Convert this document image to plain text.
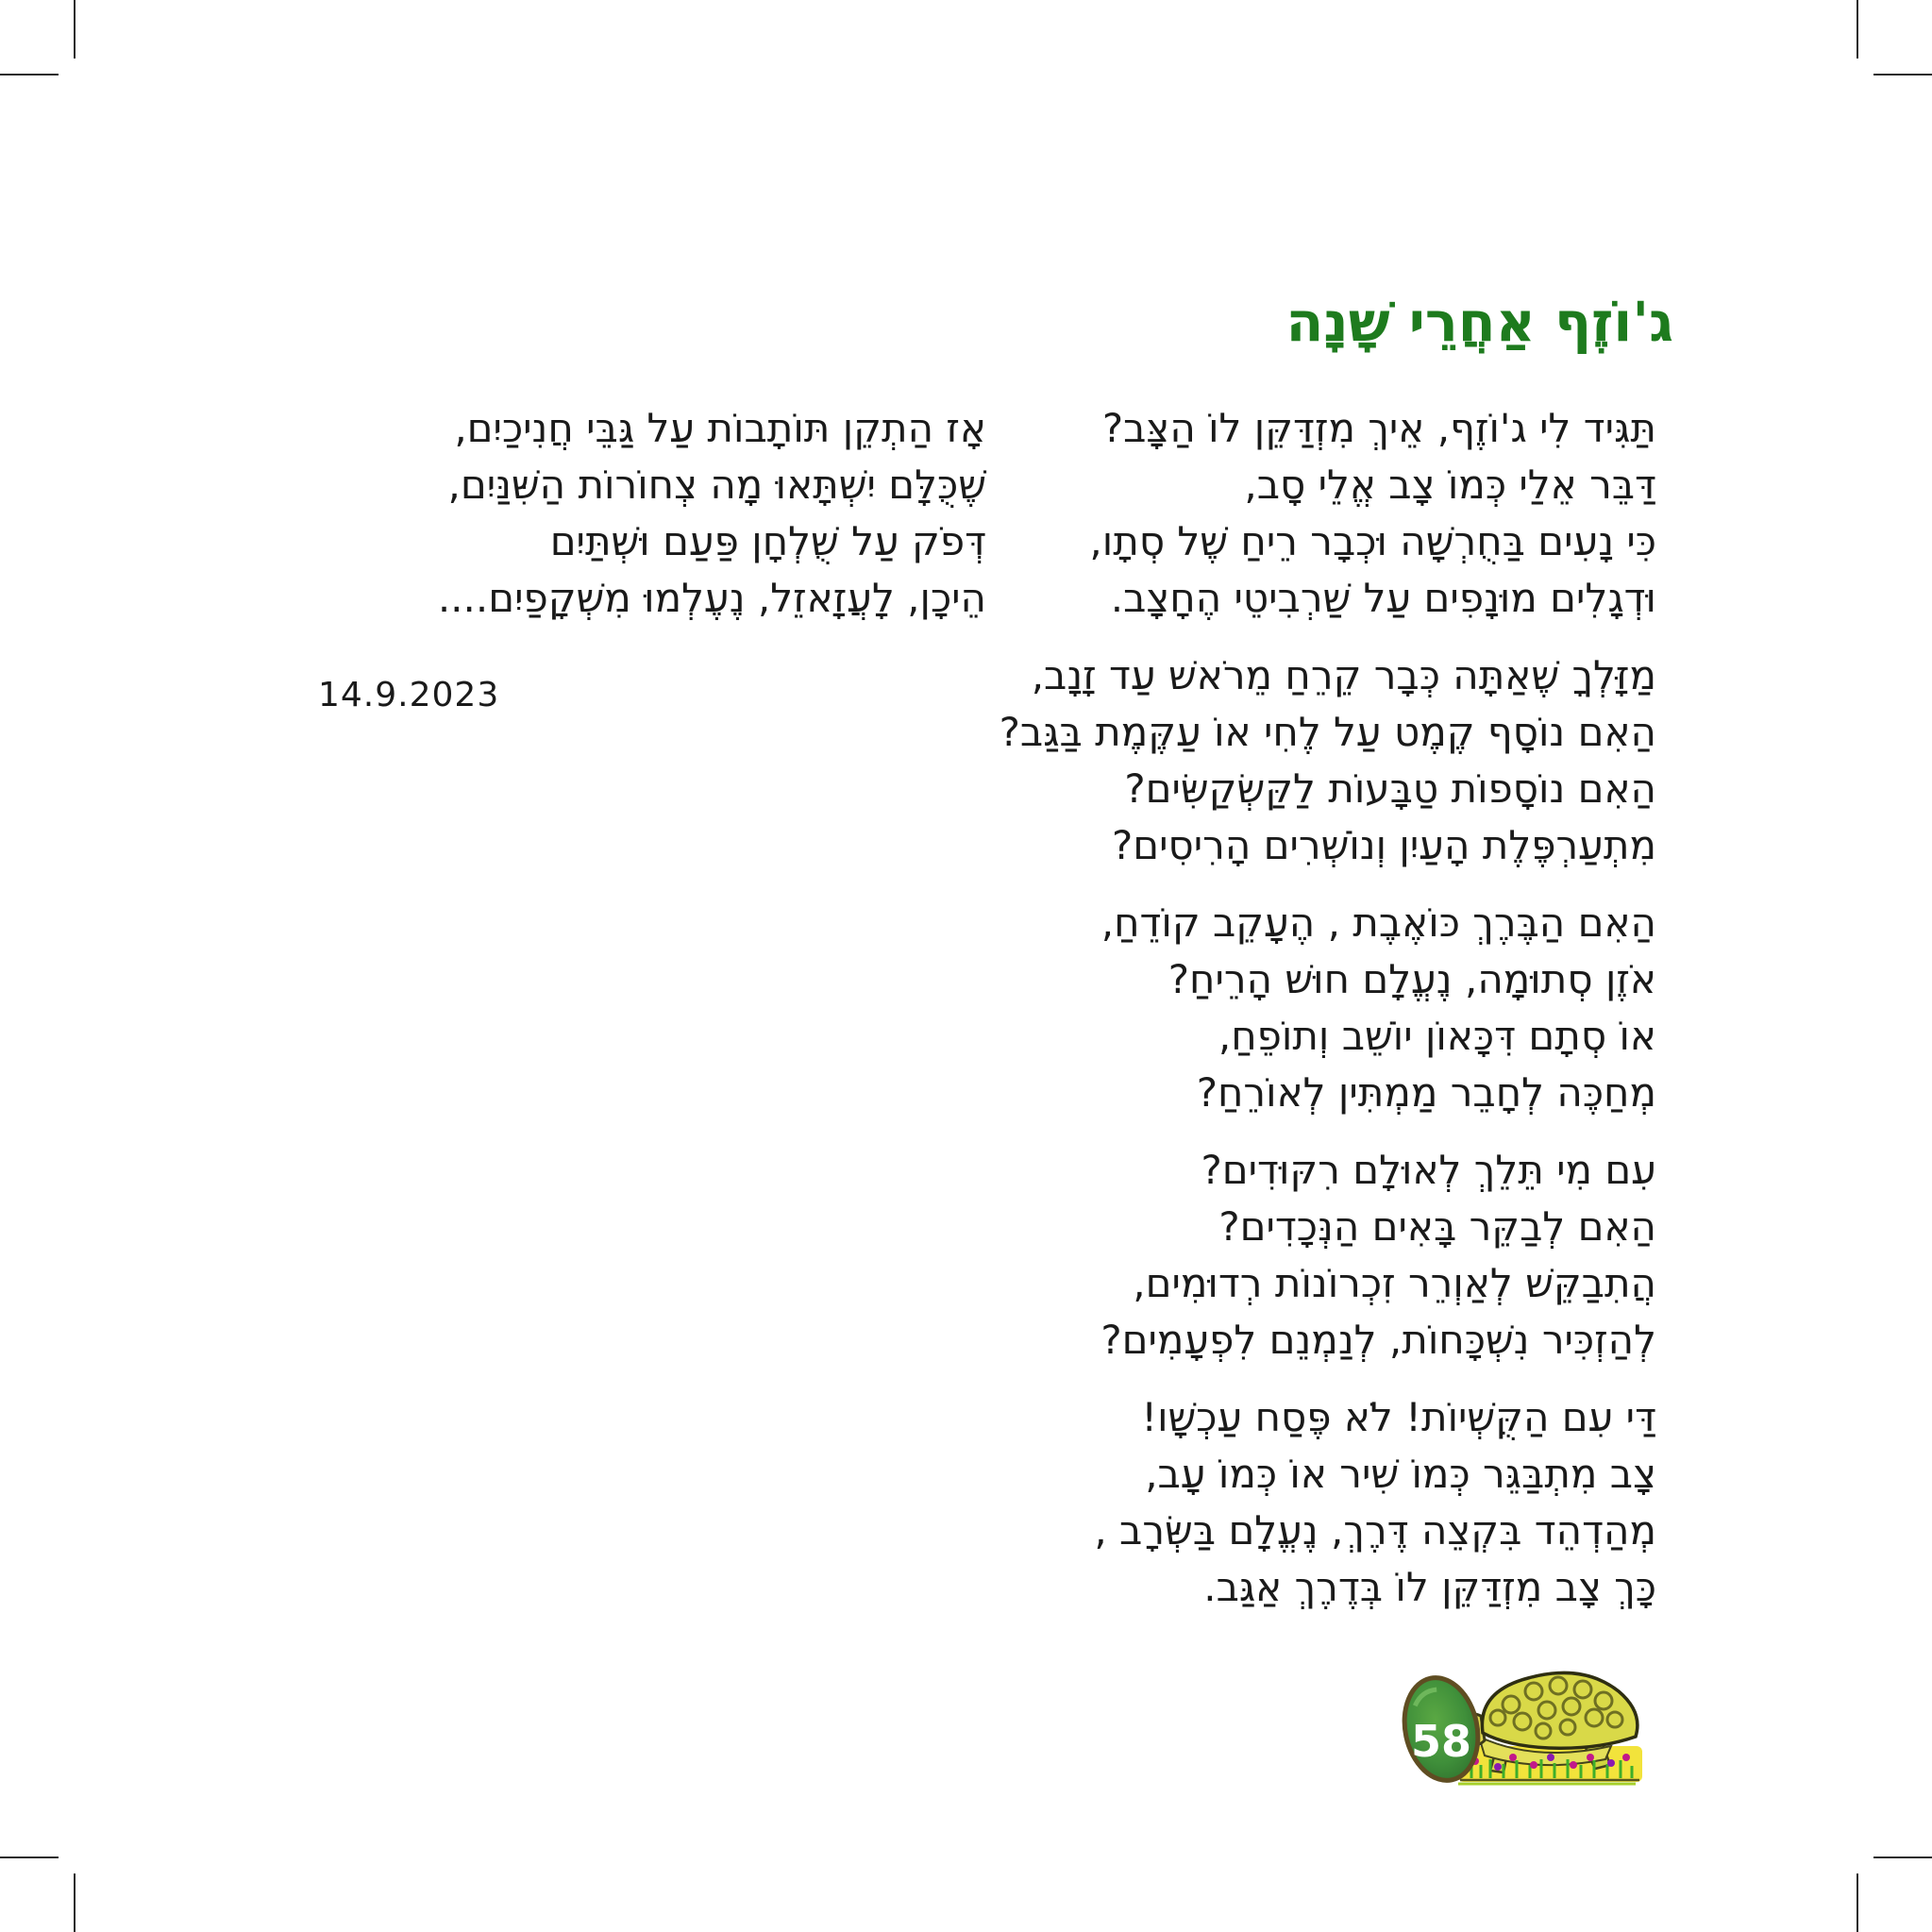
ג'וֹזֶף אַחֲרֵי שָׁנָה
תַּגִּיד לִי ג'וֹזֶף, אֵיךְ מִזְדַּקֵּן לוֹ הַצָּב?
דַּבֵּר אֵלַי כְּמוֹ צָב אֱלֵי סָב,
כִּי נָעִים בַּחֻרְשָׁה וּכְבָר רֵיחַ שֶׁל סְתָו,
וּדְגָלִים מוּנָפִים עַל שַׁרְבִיטֵי הֶחָצָב.
מַזָּלְךָ שֶׁאַתָּה כְּבָר קֵרֵחַ מֵרֹאשׁ עַד זָנָב,
הַאִם נוֹסָף קֶמֶט עַל לֶחִי אוֹ עַקֶּמֶת בַּגַּב?
הַאִם נוֹסָפוֹת טַבָּעוֹת לַקַּשְׂקַשִּׂים?
מִתְעַרְפֶּלֶת הָעַיִן וְנוֹשְׁרִים הָרִיסִים?
הַאִם הַבֶּרֶךְ כּוֹאֶבֶת , הֶעָקֵב קוֹדֵחַ,
אֹזֶן סְתוּמָה, נֶעֱלָם חוּשׁ הָרֵיחַ?
אוֹ סְתָם דִּכָּאוֹן יוֹשֵׁב וְתוֹפֵחַ,
מְחַכֶּה לְחָבֵר מַמְתִּין לְאוֹרֵחַ?
עִם מִי תֵּלֵךְ לְאוּלָם רִקּוּדִים?
הַאִם לְבַקֵּר בָּאִים הַנְּכָדִים?
הֲתִבַקֵּשׁ לְאַוְרֵר זִכְרוֹנוֹת רְדוּמִים,
לְהַזְכִּיר נִשְׁכָּחוֹת, לְנַמְנֵם לִפְעָמִים?
דַּי עִם הַקֻּשְׁיוֹת! לֹא פֶּסַח עַכְשָׁו!
צָב מִתְבַּגֵּר כְּמוֹ שִׁיר אוֹ כְּמוֹ עָב,
מְהַדְהֵד בִּקְצֵה דֶּרֶךְ, נֶעֱלָם בַּשְּׂרָב ,
כָּךְ צָב מִזְדַּקֵּן לוֹ בְּדֶרֶךְ אַגַּב.
אָז הַתְקֵן תּוֹתָבוֹת עַל גַּבֵּי חֲנִיכַיִם,
שֶׁכֻּלָּם יִשְׁתָּאוּ מָה צְחוֹרוֹת הַשִּׁנַּיִם,
דְּפֹק עַל שֻׁלְחָן פַּעַם וּשְׁתַּיִם
הֵיכָן, לָעֲזָאזֵל, נֶעֶלְמוּ מִשְׁקָפַיִם....
14.9.2023
58
